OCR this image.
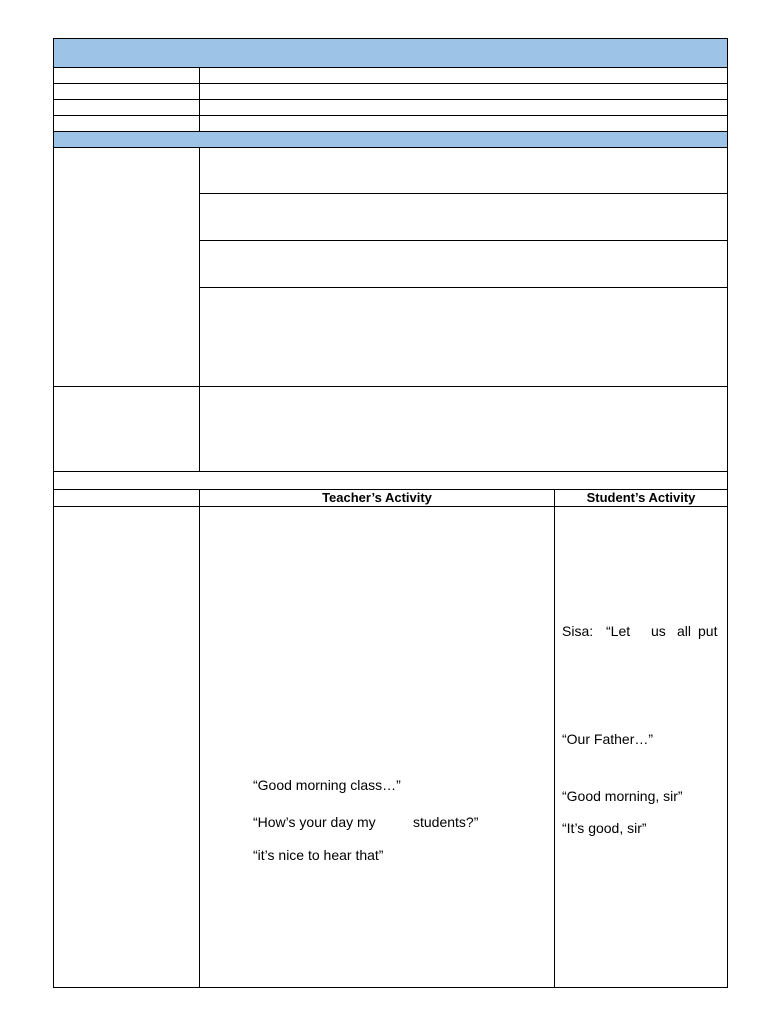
Teacher’s Activity	Student’s Activity
Sisa: “Let us all put
“Our Father…”
“Good morning, sir”
“It’s good, sir”
“Good morning class…”
“How’s your day my	students?”
“it’s nice to hear that”
